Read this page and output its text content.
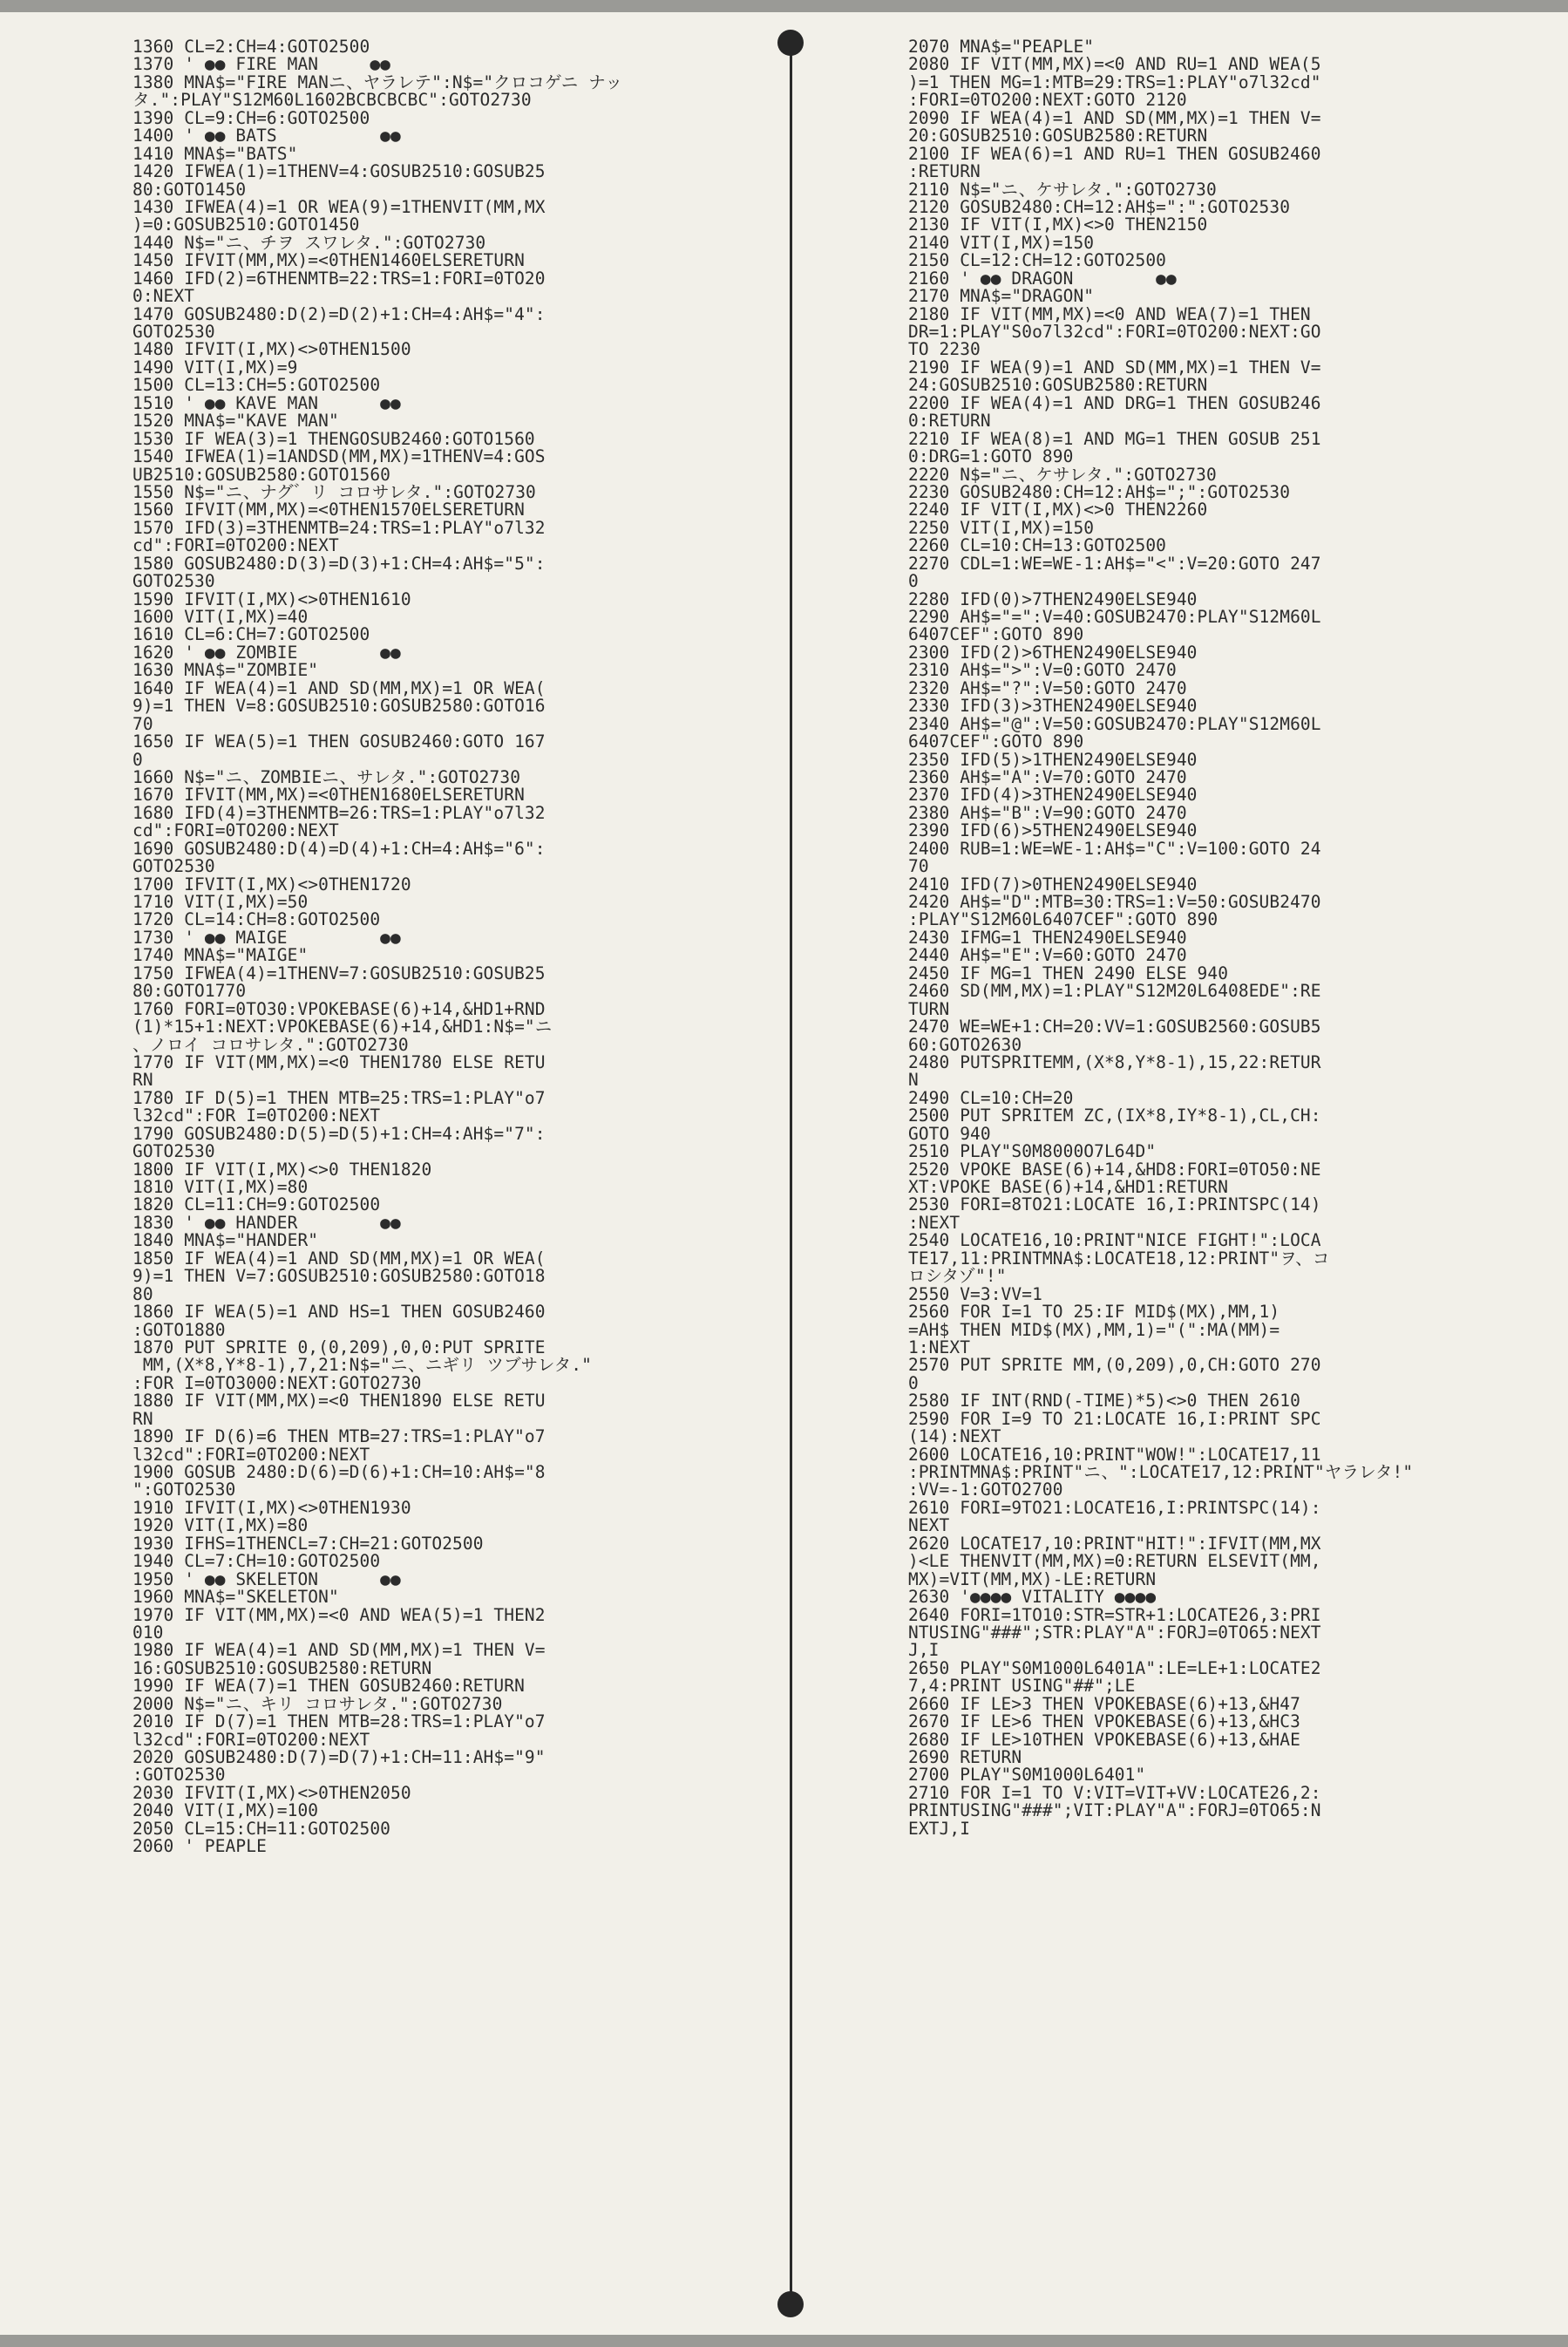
1360 CL=2:CH=4:GOTO2500
1370 ' ●● FIRE MAN     ●●
1380 MNA$="FIRE MANニ、ヤラレテ":N$="クロコゲニ ナッ
タ.":PLAY"S12M60L1602BCBCBCBC":GOTO2730
1390 CL=9:CH=6:GOTO2500
1400 ' ●● BATS          ●●
1410 MNA$="BATS"
1420 IFWEA(1)=1THENV=4:GOSUB2510:GOSUB25
80:GOTO1450
1430 IFWEA(4)=1 OR WEA(9)=1THENVIT(MM,MX
)=0:GOSUB2510:GOTO1450
1440 N$="ニ、チヲ スワレタ.":GOTO2730
1450 IFVIT(MM,MX)=<0THEN1460ELSERETURN
1460 IFD(2)=6THENMTB=22:TRS=1:FORI=0TO20
0:NEXT
1470 GOSUB2480:D(2)=D(2)+1:CH=4:AH$="4":
GOTO2530
1480 IFVIT(I,MX)<>0THEN1500
1490 VIT(I,MX)=9
1500 CL=13:CH=5:GOTO2500
1510 ' ●● KAVE MAN      ●●
1520 MNA$="KAVE MAN"
1530 IF WEA(3)=1 THENGOSUB2460:GOTO1560
1540 IFWEA(1)=1ANDSD(MM,MX)=1THENV=4:GOS
UB2510:GOSUB2580:GOTO1560
1550 N$="ニ、ナグ゛リ コロサレタ.":GOTO2730
1560 IFVIT(MM,MX)=<0THEN1570ELSERETURN
1570 IFD(3)=3THENMTB=24:TRS=1:PLAY"o7l32
cd":FORI=0TO200:NEXT
1580 GOSUB2480:D(3)=D(3)+1:CH=4:AH$="5":
GOTO2530
1590 IFVIT(I,MX)<>0THEN1610
1600 VIT(I,MX)=40
1610 CL=6:CH=7:GOTO2500
1620 ' ●● ZOMBIE        ●●
1630 MNA$="ZOMBIE"
1640 IF WEA(4)=1 AND SD(MM,MX)=1 OR WEA(
9)=1 THEN V=8:GOSUB2510:GOSUB2580:GOTO16
70
1650 IF WEA(5)=1 THEN GOSUB2460:GOTO 167
0
1660 N$="ニ、ZOMBIEニ、サレタ.":GOTO2730
1670 IFVIT(MM,MX)=<0THEN1680ELSERETURN
1680 IFD(4)=3THENMTB=26:TRS=1:PLAY"o7l32
cd":FORI=0TO200:NEXT
1690 GOSUB2480:D(4)=D(4)+1:CH=4:AH$="6":
GOTO2530
1700 IFVIT(I,MX)<>0THEN1720
1710 VIT(I,MX)=50
1720 CL=14:CH=8:GOTO2500
1730 ' ●● MAIGE         ●●
1740 MNA$="MAIGE"
1750 IFWEA(4)=1THENV=7:GOSUB2510:GOSUB25
80:GOTO1770
1760 FORI=0TO30:VPOKEBASE(6)+14,&HD1+RND
(1)*15+1:NEXT:VPOKEBASE(6)+14,&HD1:N$="ニ
、ノロイ コロサレタ.":GOTO2730
1770 IF VIT(MM,MX)=<0 THEN1780 ELSE RETU
RN
1780 IF D(5)=1 THEN MTB=25:TRS=1:PLAY"o7
l32cd":FOR I=0TO200:NEXT
1790 GOSUB2480:D(5)=D(5)+1:CH=4:AH$="7":
GOTO2530
1800 IF VIT(I,MX)<>0 THEN1820
1810 VIT(I,MX)=80
1820 CL=11:CH=9:GOTO2500
1830 ' ●● HANDER        ●●
1840 MNA$="HANDER"
1850 IF WEA(4)=1 AND SD(MM,MX)=1 OR WEA(
9)=1 THEN V=7:GOSUB2510:GOSUB2580:GOTO18
80
1860 IF WEA(5)=1 AND HS=1 THEN GOSUB2460
:GOTO1880
1870 PUT SPRITE 0,(0,209),0,0:PUT SPRITE
MM,(X*8,Y*8-1),7,21:N$="ニ、ニギリ ツブサレタ."
:FOR I=0TO3000:NEXT:GOTO2730
1880 IF VIT(MM,MX)=<0 THEN1890 ELSE RETU
RN
1890 IF D(6)=6 THEN MTB=27:TRS=1:PLAY"o7
l32cd":FORI=0TO200:NEXT
1900 GOSUB 2480:D(6)=D(6)+1:CH=10:AH$="8
":GOTO2530
1910 IFVIT(I,MX)<>0THEN1930
1920 VIT(I,MX)=80
1930 IFHS=1THENCL=7:CH=21:GOTO2500
1940 CL=7:CH=10:GOTO2500
1950 ' ●● SKELETON      ●●
1960 MNA$="SKELETON"
1970 IF VIT(MM,MX)=<0 AND WEA(5)=1 THEN2
010
1980 IF WEA(4)=1 AND SD(MM,MX)=1 THEN V=
16:GOSUB2510:GOSUB2580:RETURN
1990 IF WEA(7)=1 THEN GOSUB2460:RETURN
2000 N$="ニ、キリ コロサレタ.":GOTO2730
2010 IF D(7)=1 THEN MTB=28:TRS=1:PLAY"o7
l32cd":FORI=0TO200:NEXT
2020 GOSUB2480:D(7)=D(7)+1:CH=11:AH$="9"
:GOTO2530
2030 IFVIT(I,MX)<>0THEN2050
2040 VIT(I,MX)=100
2050 CL=15:CH=11:GOTO2500
2060 ' PEAPLE
2070 MNA$="PEAPLE"
2080 IF VIT(MM,MX)=<0 AND RU=1 AND WEA(5
)=1 THEN MG=1:MTB=29:TRS=1:PLAY"o7l32cd"
:FORI=0TO200:NEXT:GOTO 2120
2090 IF WEA(4)=1 AND SD(MM,MX)=1 THEN V=
20:GOSUB2510:GOSUB2580:RETURN
2100 IF WEA(6)=1 AND RU=1 THEN GOSUB2460
:RETURN
2110 N$="ニ、ケサレタ.":GOTO2730
2120 GOSUB2480:CH=12:AH$=":":GOTO2530
2130 IF VIT(I,MX)<>0 THEN2150
2140 VIT(I,MX)=150
2150 CL=12:CH=12:GOTO2500
2160 ' ●● DRAGON        ●●
2170 MNA$="DRAGON"
2180 IF VIT(MM,MX)=<0 AND WEA(7)=1 THEN
DR=1:PLAY"S0o7l32cd":FORI=0TO200:NEXT:GO
TO 2230
2190 IF WEA(9)=1 AND SD(MM,MX)=1 THEN V=
24:GOSUB2510:GOSUB2580:RETURN
2200 IF WEA(4)=1 AND DRG=1 THEN GOSUB246
0:RETURN
2210 IF WEA(8)=1 AND MG=1 THEN GOSUB 251
0:DRG=1:GOTO 890
2220 N$="ニ、ケサレタ.":GOTO2730
2230 GOSUB2480:CH=12:AH$=";":GOTO2530
2240 IF VIT(I,MX)<>0 THEN2260
2250 VIT(I,MX)=150
2260 CL=10:CH=13:GOTO2500
2270 CDL=1:WE=WE-1:AH$="<":V=20:GOTO 247
0
2280 IFD(0)>7THEN2490ELSE940
2290 AH$="=":V=40:GOSUB2470:PLAY"S12M60L
6407CEF":GOTO 890
2300 IFD(2)>6THEN2490ELSE940
2310 AH$=">":V=0:GOTO 2470
2320 AH$="?":V=50:GOTO 2470
2330 IFD(3)>3THEN2490ELSE940
2340 AH$="@":V=50:GOSUB2470:PLAY"S12M60L
6407CEF":GOTO 890
2350 IFD(5)>1THEN2490ELSE940
2360 AH$="A":V=70:GOTO 2470
2370 IFD(4)>3THEN2490ELSE940
2380 AH$="B":V=90:GOTO 2470
2390 IFD(6)>5THEN2490ELSE940
2400 RUB=1:WE=WE-1:AH$="C":V=100:GOTO 24
70
2410 IFD(7)>0THEN2490ELSE940
2420 AH$="D":MTB=30:TRS=1:V=50:GOSUB2470
:PLAY"S12M60L6407CEF":GOTO 890
2430 IFMG=1 THEN2490ELSE940
2440 AH$="E":V=60:GOTO 2470
2450 IF MG=1 THEN 2490 ELSE 940
2460 SD(MM,MX)=1:PLAY"S12M20L6408EDE":RE
TURN
2470 WE=WE+1:CH=20:VV=1:GOSUB2560:GOSUB5
60:GOTO2630
2480 PUTSPRITEMM,(X*8,Y*8-1),15,22:RETUR
N
2490 CL=10:CH=20
2500 PUT SPRITEM ZC,(IX*8,IY*8-1),CL,CH:
GOTO 940
2510 PLAY"S0M8000O7L64D"
2520 VPOKE BASE(6)+14,&HD8:FORI=0TO50:NE
XT:VPOKE BASE(6)+14,&HD1:RETURN
2530 FORI=8TO21:LOCATE 16,I:PRINTSPC(14)
:NEXT
2540 LOCATE16,10:PRINT"NICE FIGHT!":LOCA
TE17,11:PRINTMNA$:LOCATE18,12:PRINT"ヲ、コ
ロシタゾ"!"
2550 V=3:VV=1
2560 FOR I=1 TO 25:IF MID$(MX),MM,1)
=AH$ THEN MID$(MX),MM,1)="(":MA(MM)=
1:NEXT
2570 PUT SPRITE MM,(0,209),0,CH:GOTO 270
0
2580 IF INT(RND(-TIME)*5)<>0 THEN 2610
2590 FOR I=9 TO 21:LOCATE 16,I:PRINT SPC
(14):NEXT
2600 LOCATE16,10:PRINT"WOW!":LOCATE17,11
:PRINTMNA$:PRINT"ニ、":LOCATE17,12:PRINT"ヤラレタ!"
:VV=-1:GOTO2700
2610 FORI=9TO21:LOCATE16,I:PRINTSPC(14):
NEXT
2620 LOCATE17,10:PRINT"HIT!":IFVIT(MM,MX
)<LE THENVIT(MM,MX)=0:RETURN ELSEVIT(MM,
MX)=VIT(MM,MX)-LE:RETURN
2630 '●●●● VITALITY ●●●●
2640 FORI=1TO10:STR=STR+1:LOCATE26,3:PRI
NTUSING"###";STR:PLAY"A":FORJ=0TO65:NEXT
J,I
2650 PLAY"S0M1000L6401A":LE=LE+1:LOCATE2
7,4:PRINT USING"##";LE
2660 IF LE>3 THEN VPOKEBASE(6)+13,&H47
2670 IF LE>6 THEN VPOKEBASE(6)+13,&HC3
2680 IF LE>10THEN VPOKEBASE(6)+13,&HAE
2690 RETURN
2700 PLAY"S0M1000L6401"
2710 FOR I=1 TO V:VIT=VIT+VV:LOCATE26,2:
PRINTUSING"###";VIT:PLAY"A":FORJ=0TO65:N
EXTJ,I
